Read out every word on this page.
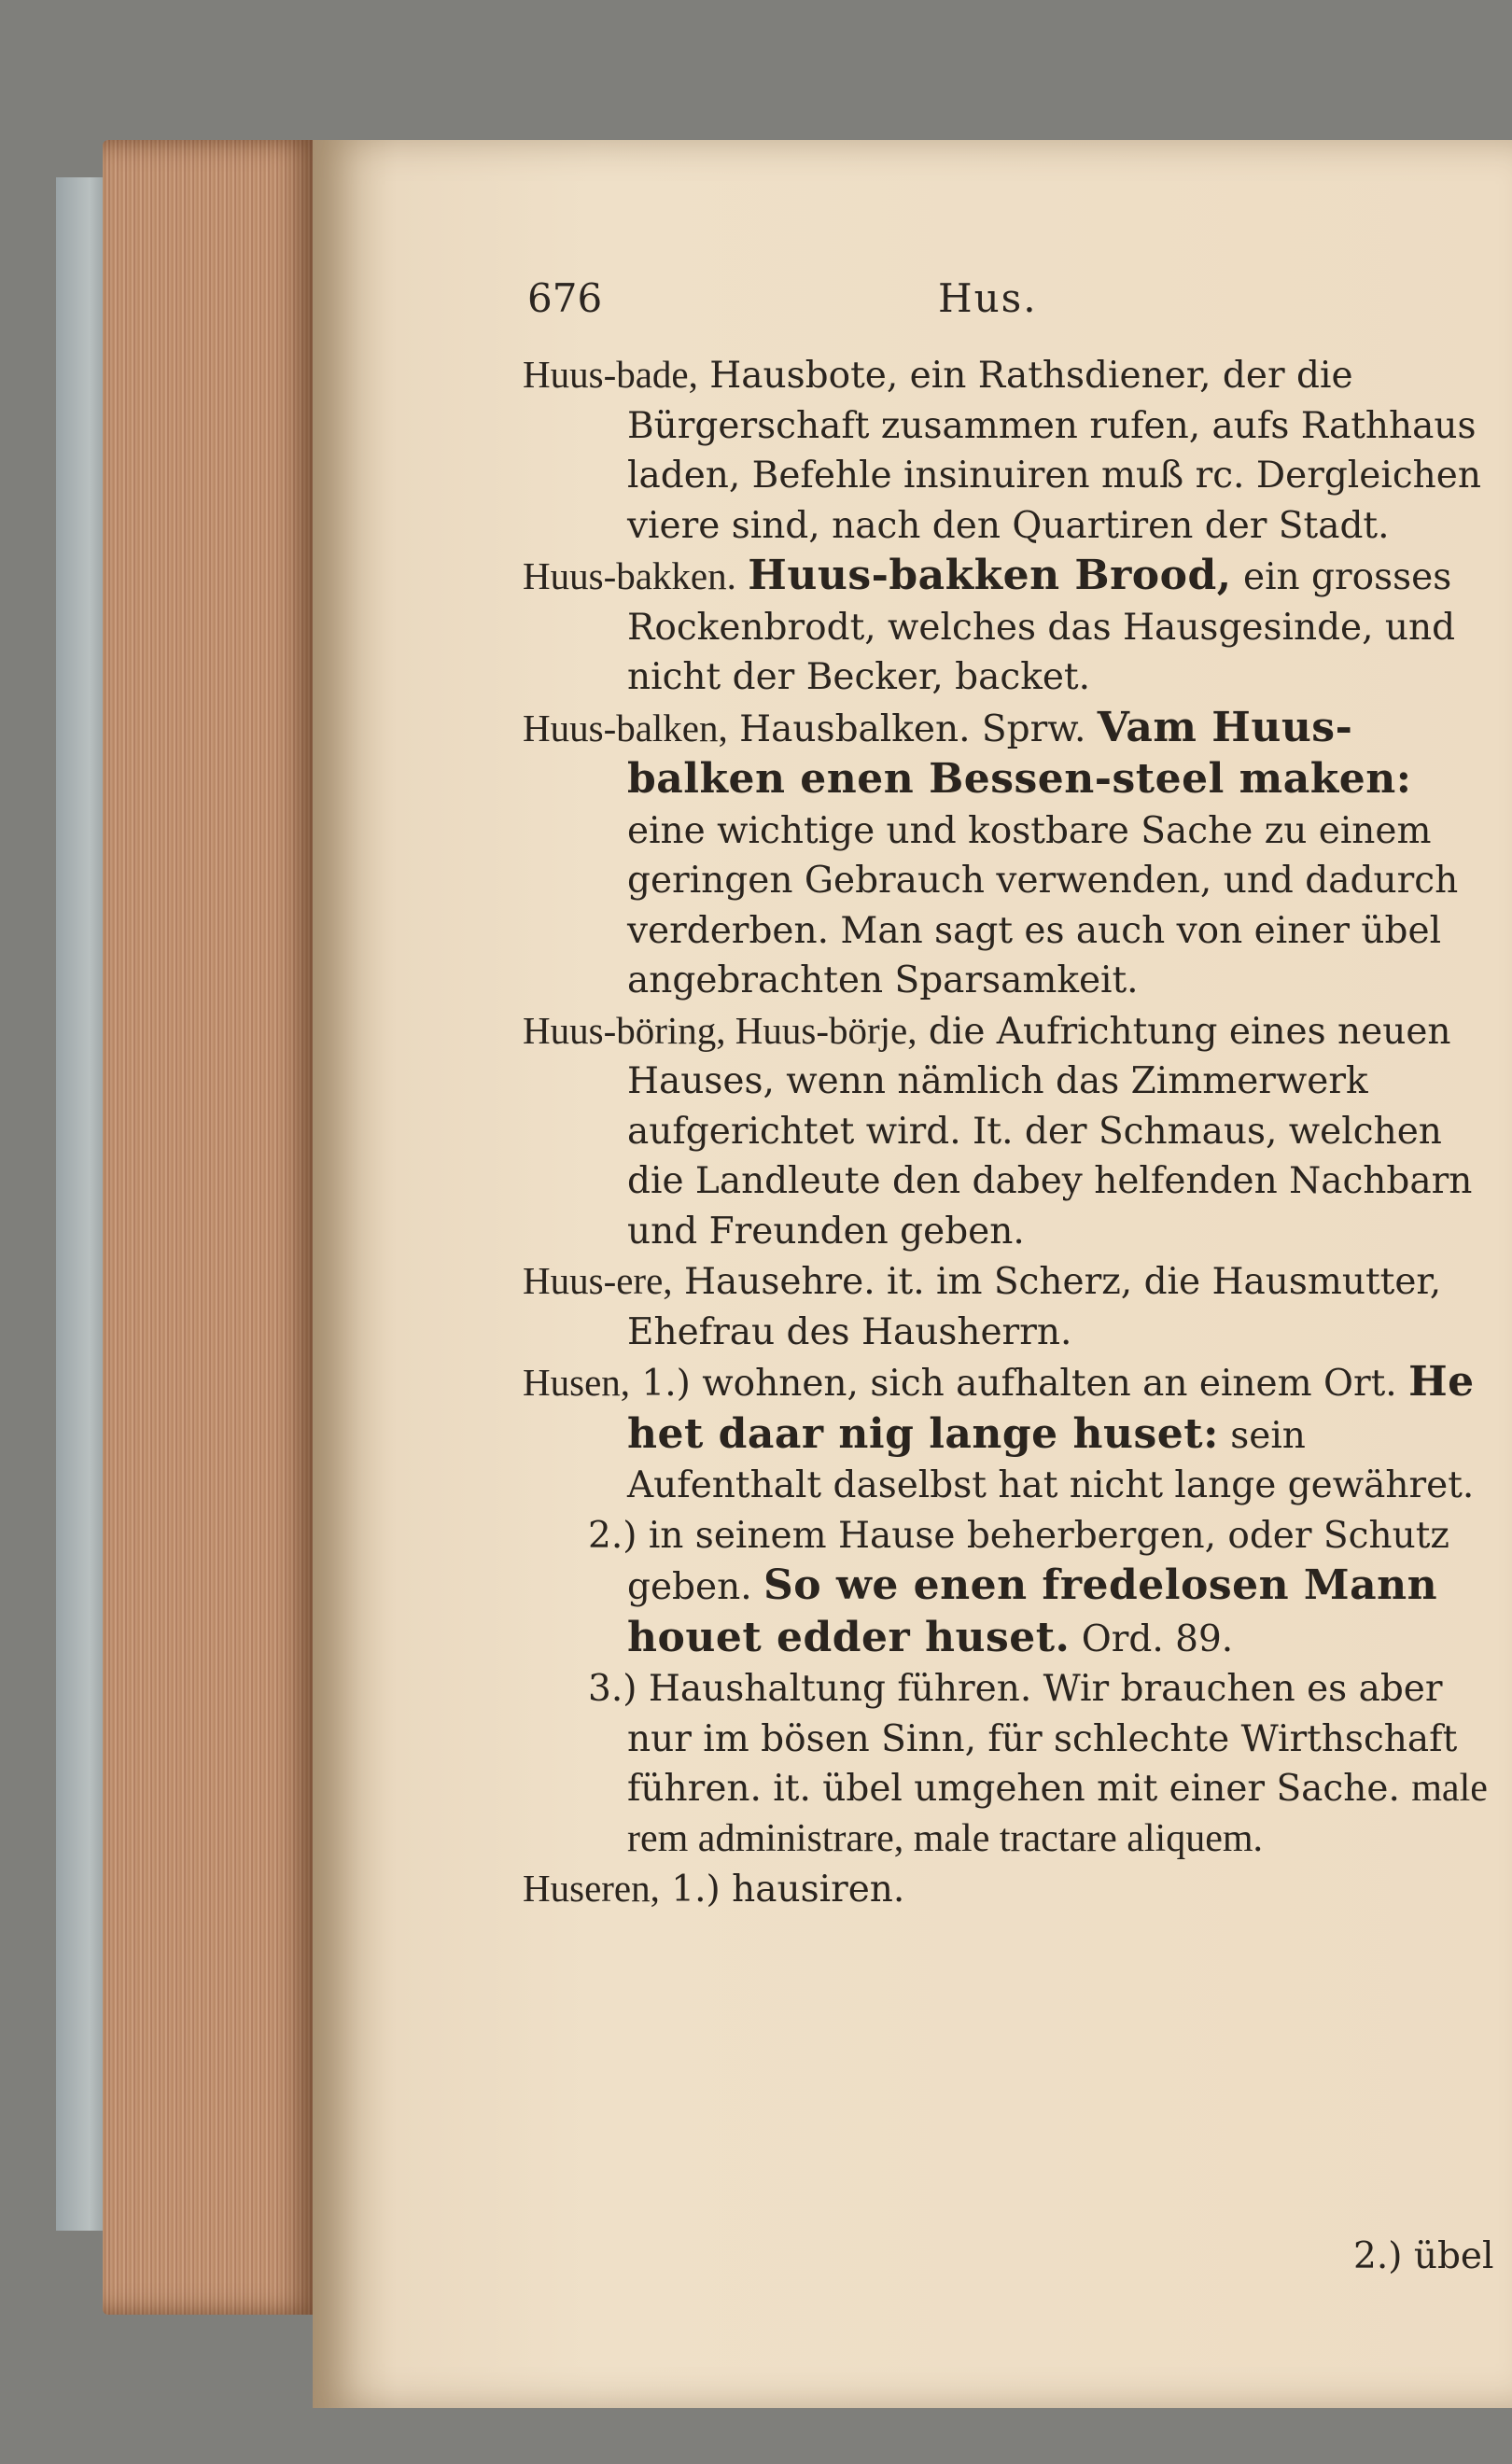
676	Hus.

Huus-bade, Hausbote, ein Rathsdiener, der die Bürgerschaft zusammen rufen, aufs Rathhaus laden, Befehle insinuiren muß rc. Dergleichen viere sind, nach den Quartiren der Stadt.

Huus-bakken. Huus-bakken Brood, ein grosses Rockenbrodt, welches das Hausgesinde, und nicht der Becker, backet.

Huus-balken, Hausbalken. Sprw. Vam Huus-balken enen Bessen-steel maken: eine wichtige und kostbare Sache zu einem geringen Gebrauch verwenden, und dadurch verderben. Man sagt es auch von einer übel angebrachten Sparsamkeit.

Huus-böring, Huus-börje, die Aufrichtung eines neuen Hauses, wenn nämlich das Zimmerwerk aufgerichtet wird. It. der Schmaus, welchen die Landleute den dabey helfenden Nachbarn und Freunden geben.

Huus-ere, Hausehre. it. im Scherz, die Hausmutter, Ehefrau des Hausherrn.

Husen, 1.) wohnen, sich aufhalten an einem Ort. He het daar nig lange huset: sein Aufenthalt daselbst hat nicht lange gewähret.

2.) in seinem Hause beherbergen, oder Schutz geben. So we enen fredelosen Mann houet edder huset. Ord. 89.

3.) Haushaltung führen. Wir brauchen es aber nur im bösen Sinn, für schlechte Wirthschaft führen. it. übel umgehen mit einer Sache. male rem administrare, male tractare aliquem.

Huseren, 1.) hausiren.

2.) übel
